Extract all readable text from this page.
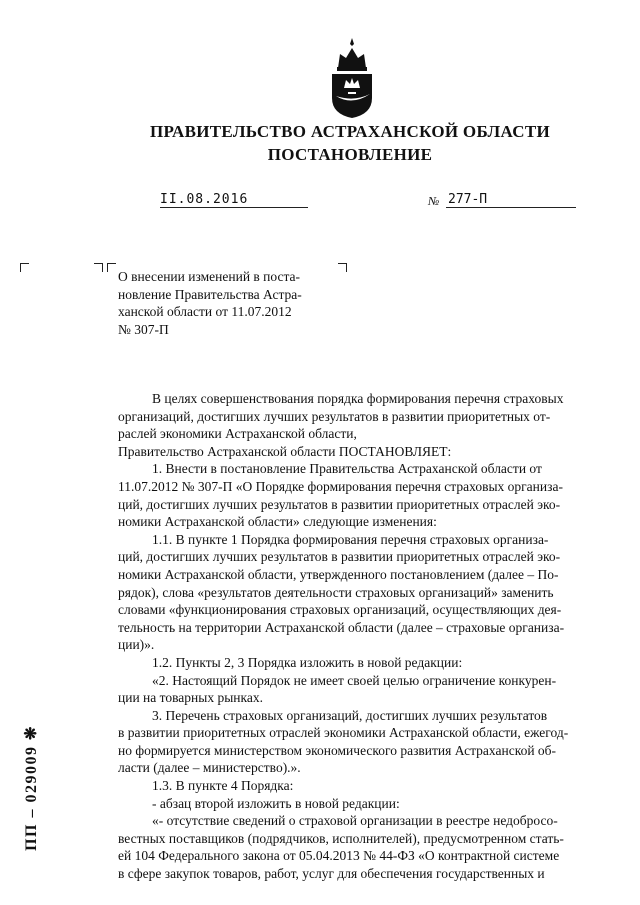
ПРАВИТЕЛЬСТВО АСТРАХАНСКОЙ ОБЛАСТИ
ПОСТАНОВЛЕНИЕ
II.08.2016	№ 277-П
О внесении изменений в поста-
новление Правительства Астра-
ханской области от 11.07.2012
№ 307-П
В целях совершенствования порядка формирования перечня страховых
организаций, достигших лучших результатов в развитии приоритетных от-
раслей экономики Астраханской области,
Правительство Астраханской области ПОСТАНОВЛЯЕТ:
1. Внести в постановление Правительства Астраханской области от
11.07.2012 № 307-П «О Порядке формирования перечня страховых организа-
ций, достигших лучших результатов в развитии приоритетных отраслей эко-
номики Астраханской области» следующие изменения:
1.1. В пункте 1 Порядка формирования перечня страховых организа-
ций, достигших лучших результатов в развитии приоритетных отраслей эко-
номики Астраханской области, утвержденного постановлением (далее – По-
рядок), слова «результатов деятельности страховых организаций» заменить
словами «функционирования страховых организаций, осуществляющих дея-
тельность на территории Астраханской области (далее – страховые организа-
ции)».
1.2. Пункты 2, 3 Порядка изложить в новой редакции:
«2. Настоящий Порядок не имеет своей целью ограничение конкурен-
ции на товарных рынках.
3. Перечень страховых организаций, достигших лучших результатов
в развитии приоритетных отраслей экономики Астраханской области, ежегод-
но формируется министерством экономического развития Астраханской об-
ласти (далее – министерство).».
1.3. В пункте 4 Порядка:
- абзац второй изложить в новой редакции:
«- отсутствие сведений о страховой организации в реестре недобросо-
вестных поставщиков (подрядчиков, исполнителей), предусмотренном стать-
ей 104 Федерального закона от 05.04.2013 № 44-ФЗ «О контрактной системе
в сфере закупок товаров, работ, услуг для обеспечения государственных и
ПП – 029009 ❋
